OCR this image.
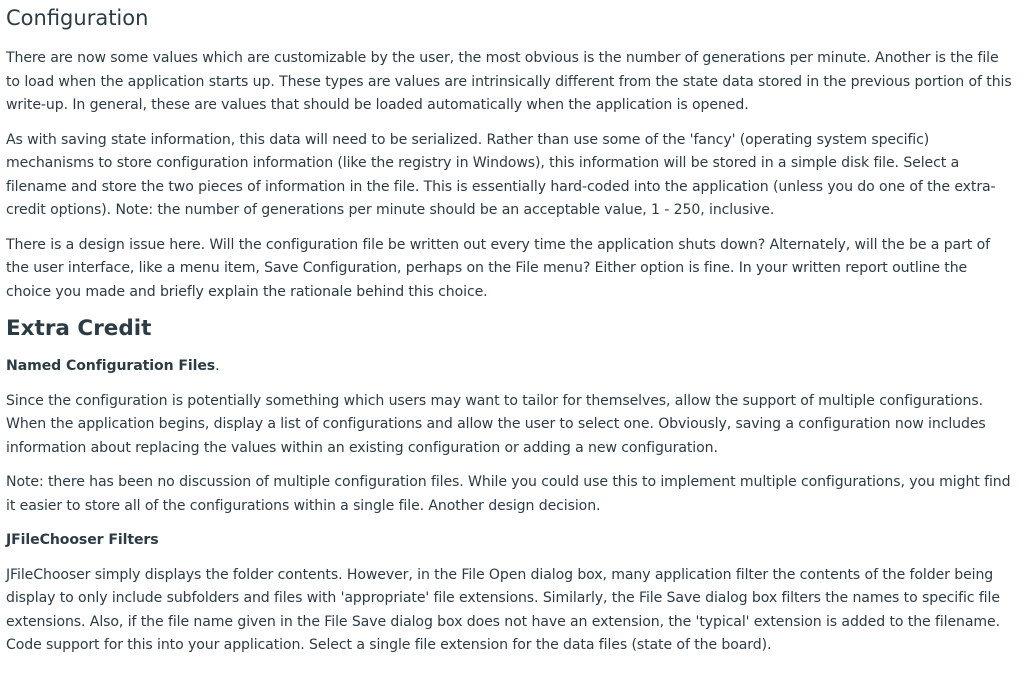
Configuration

There are now some values which are customizable by the user, the most obvious is the number of generations per minute. Another is the file to load when the application starts up. These types are values are intrinsically different from the state data stored in the previous portion of this write-up. In general, these are values that should be loaded automatically when the application is opened.

As with saving state information, this data will need to be serialized. Rather than use some of the 'fancy' (operating system specific) mechanisms to store configuration information (like the registry in Windows), this information will be stored in a simple disk file. Select a filename and store the two pieces of information in the file. This is essentially hard-coded into the application (unless you do one of the extra-credit options). Note: the number of generations per minute should be an acceptable value, 1 - 250, inclusive.

There is a design issue here. Will the configuration file be written out every time the application shuts down? Alternately, will the be a part of the user interface, like a menu item, Save Configuration, perhaps on the File menu? Either option is fine. In your written report outline the choice you made and briefly explain the rationale behind this choice.

Extra Credit

Named Configuration Files.

Since the configuration is potentially something which users may want to tailor for themselves, allow the support of multiple configurations. When the application begins, display a list of configurations and allow the user to select one. Obviously, saving a configuration now includes information about replacing the values within an existing configuration or adding a new configuration.

Note: there has been no discussion of multiple configuration files. While you could use this to implement multiple configurations, you might find it easier to store all of the configurations within a single file. Another design decision.

JFileChooser Filters

JFileChooser simply displays the folder contents. However, in the File Open dialog box, many application filter the contents of the folder being display to only include subfolders and files with 'appropriate' file extensions. Similarly, the File Save dialog box filters the names to specific file extensions. Also, if the file name given in the File Save dialog box does not have an extension, the 'typical' extension is added to the filename. Code support for this into your application. Select a single file extension for the data files (state of the board).
